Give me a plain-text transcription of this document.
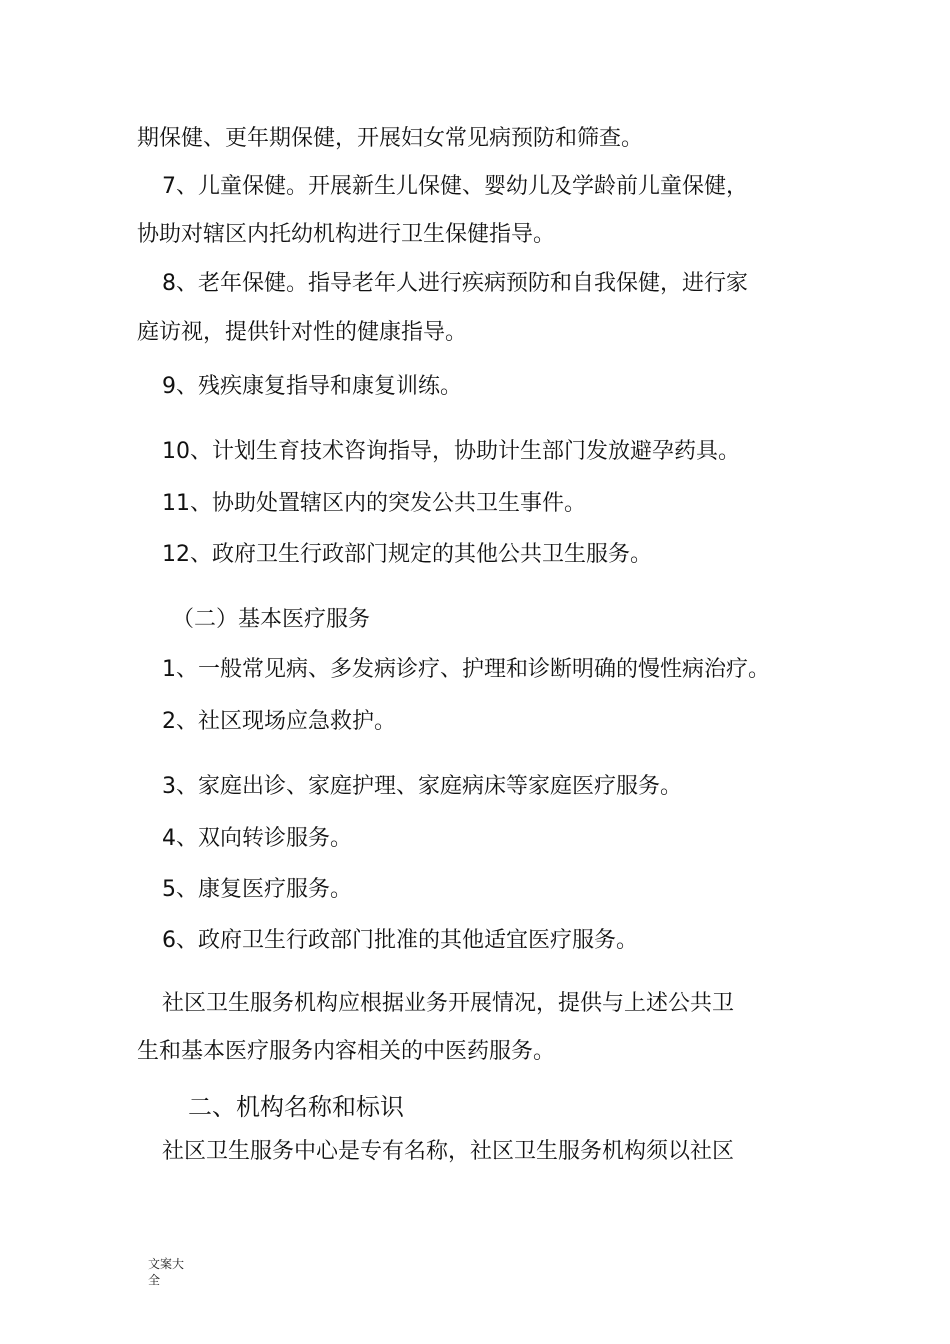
期保健、更年期保健，开展妇女常见病预防和筛查。
7、儿童保健。开展新生儿保健、婴幼儿及学龄前儿童保健，
协助对辖区内托幼机构进行卫生保健指导。
8、老年保健。指导老年人进行疾病预防和自我保健，进行家
庭访视，提供针对性的健康指导。
9、残疾康复指导和康复训练。
10、计划生育技术咨询指导，协助计生部门发放避孕药具。
11、协助处置辖区内的突发公共卫生事件。
12、政府卫生行政部门规定的其他公共卫生服务。
（二）基本医疗服务
1、一般常见病、多发病诊疗、护理和诊断明确的慢性病治疗。
2、社区现场应急救护。
3、家庭出诊、家庭护理、家庭病床等家庭医疗服务。
4、双向转诊服务。
5、康复医疗服务。
6、政府卫生行政部门批准的其他适宜医疗服务。
社区卫生服务机构应根据业务开展情况，提供与上述公共卫
生和基本医疗服务内容相关的中医药服务。
二、机构名称和标识
社区卫生服务中心是专有名称，社区卫生服务机构须以社区
文案大
全
